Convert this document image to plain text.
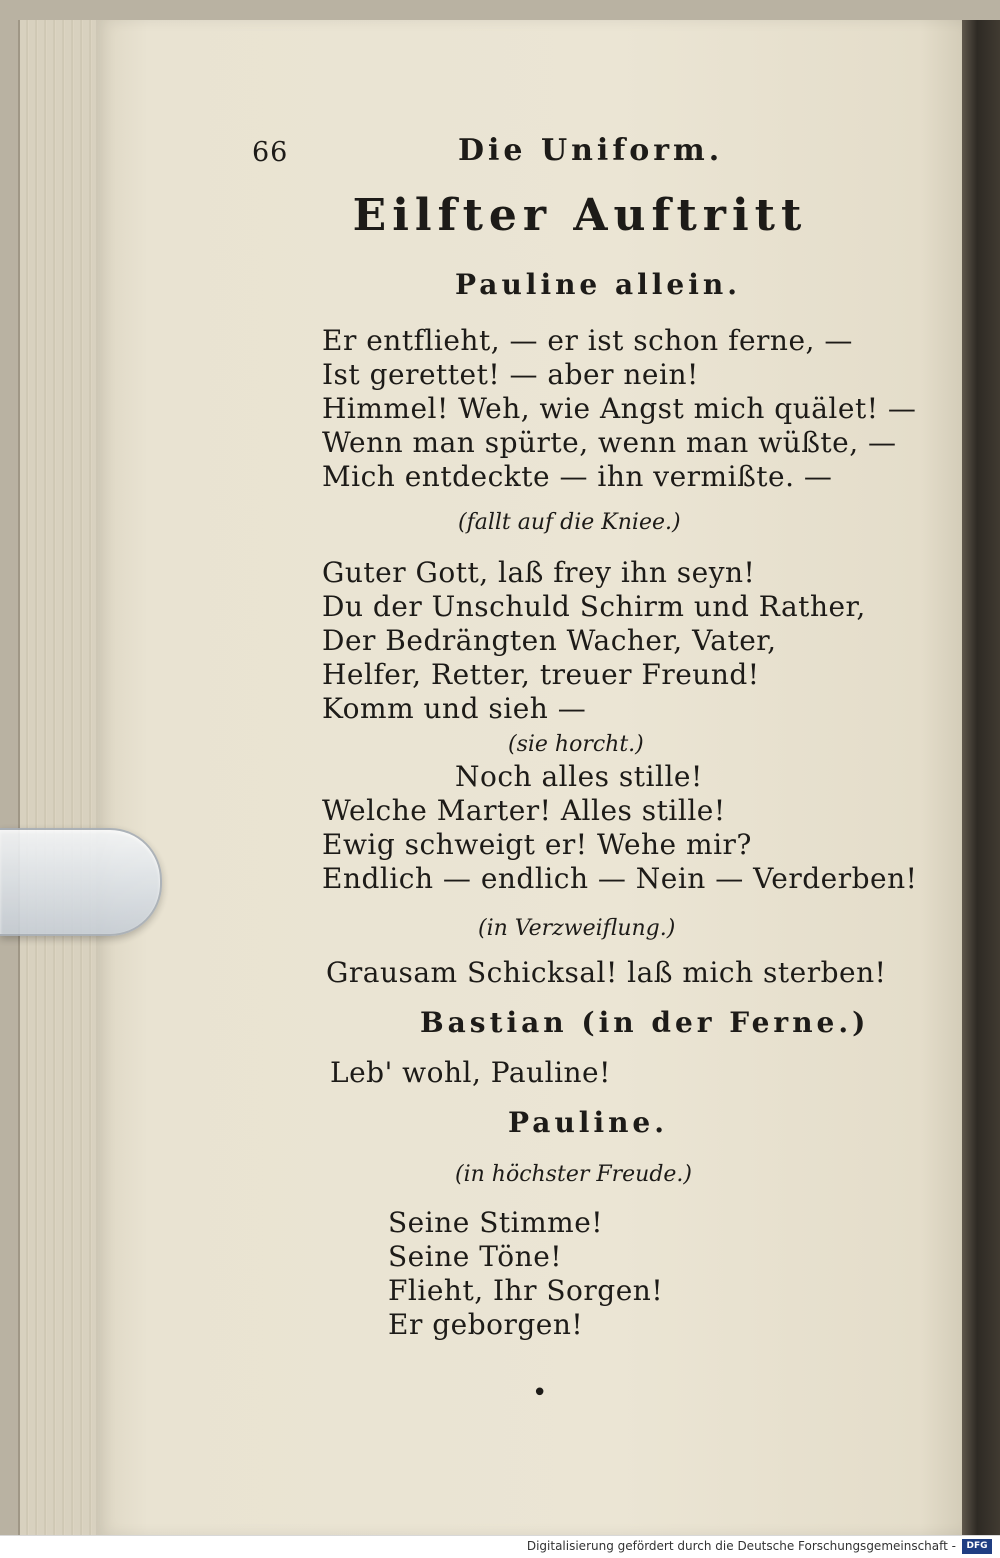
66	Die Uniform.
Eilfter Auftritt
Pauline allein.
Er entflieht, — er ist schon ferne, —
Ist gerettet! — aber nein!
Himmel! Weh, wie Angst mich quälet! —
Wenn man spürte, wenn man wüßte, —
Mich entdeckte — ihn vermißte. —
(fallt auf die Kniee.)
Guter Gott, laß frey ihn seyn!
Du der Unschuld Schirm und Rather,
Der Bedrängten Wacher, Vater,
Helfer, Retter, treuer Freund!
Komm und sieh —
(sie horcht.)
Noch alles stille!
Welche Marter! Alles stille!
Ewig schweigt er! Wehe mir?
Endlich — endlich — Nein — Verderben!
(in Verzweiflung.)
Grausam Schicksal! laß mich sterben!
Bastian (in der Ferne.)
Leb' wohl, Pauline!
Pauline.
(in höchster Freude.)
Seine Stimme!
Seine Töne!
Flieht, Ihr Sorgen!
Er geborgen!
•
Digitalisierung gefördert durch die Deutsche Forschungsgemeinschaft -	DFG
